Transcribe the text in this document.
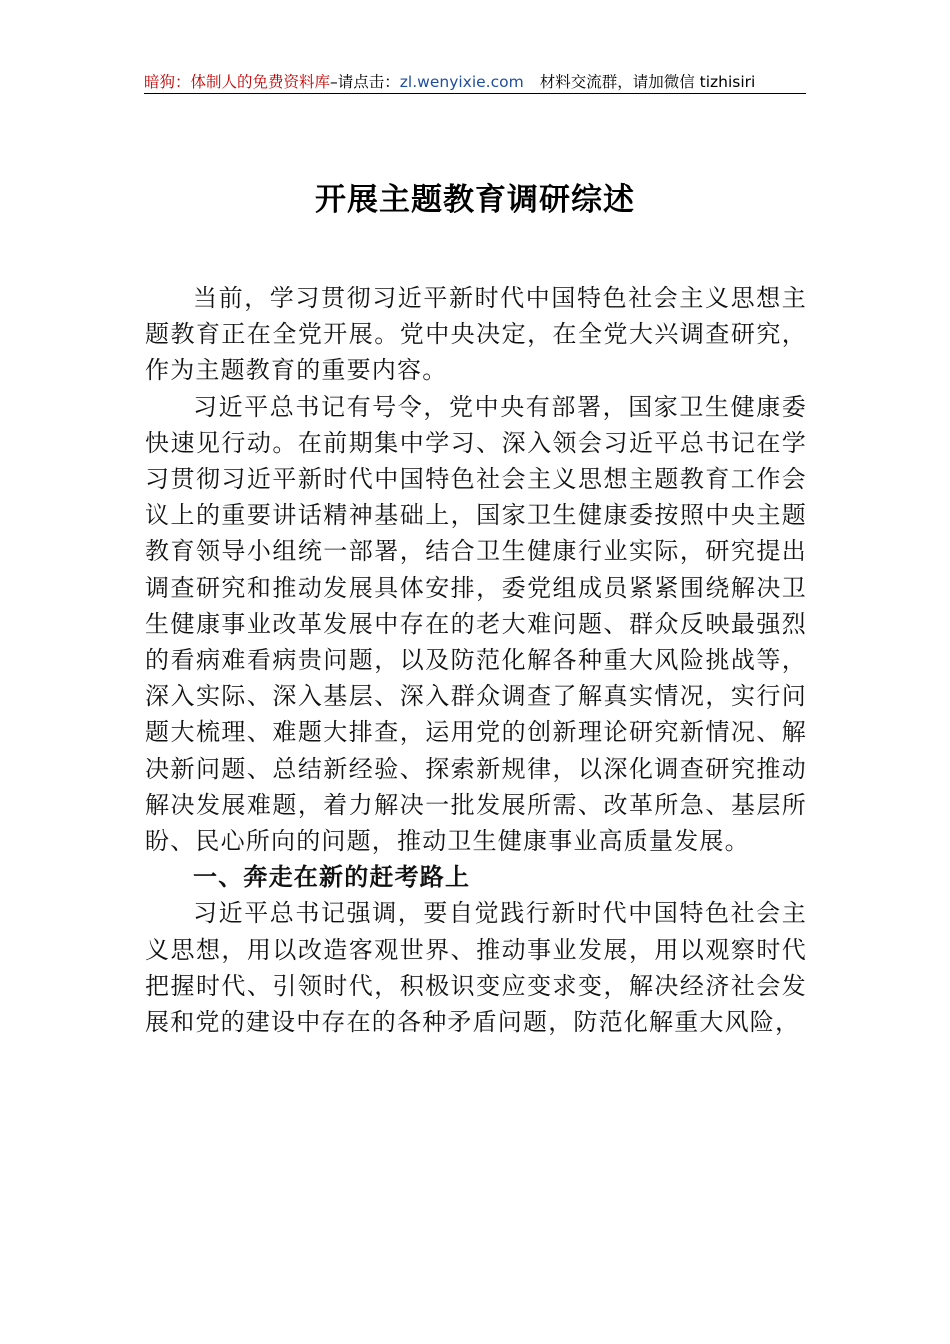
暗狗：体制人的免费资料库–请点击：zl.wenyixie.com 材料交流群，请加微信 tizhisiri
开展主题教育调研综述

当前，学习贯彻习近平新时代中国特色社会主义思想主题教育正在全党开展。党中央决定，在全党大兴调查研究，作为主题教育的重要内容。

习近平总书记有号令，党中央有部署，国家卫生健康委快速见行动。在前期集中学习、深入领会习近平总书记在学习贯彻习近平新时代中国特色社会主义思想主题教育工作会议上的重要讲话精神基础上，国家卫生健康委按照中央主题教育领导小组统一部署，结合卫生健康行业实际，研究提出调查研究和推动发展具体安排，委党组成员紧紧围绕解决卫生健康事业改革发展中存在的老大难问题、群众反映最强烈的看病难看病贵问题，以及防范化解各种重大风险挑战等，深入实际、深入基层、深入群众调查了解真实情况，实行问题大梳理、难题大排查，运用党的创新理论研究新情况、解决新问题、总结新经验、探索新规律，以深化调查研究推动解决发展难题，着力解决一批发展所需、改革所急、基层所盼、民心所向的问题，推动卫生健康事业高质量发展。

一、奔走在新的赶考路上

习近平总书记强调，要自觉践行新时代中国特色社会主义思想，用以改造客观世界、推动事业发展，用以观察时代把握时代、引领时代，积极识变应变求变，解决经济社会发展和党的建设中存在的各种矛盾问题，防范化解重大风险，
